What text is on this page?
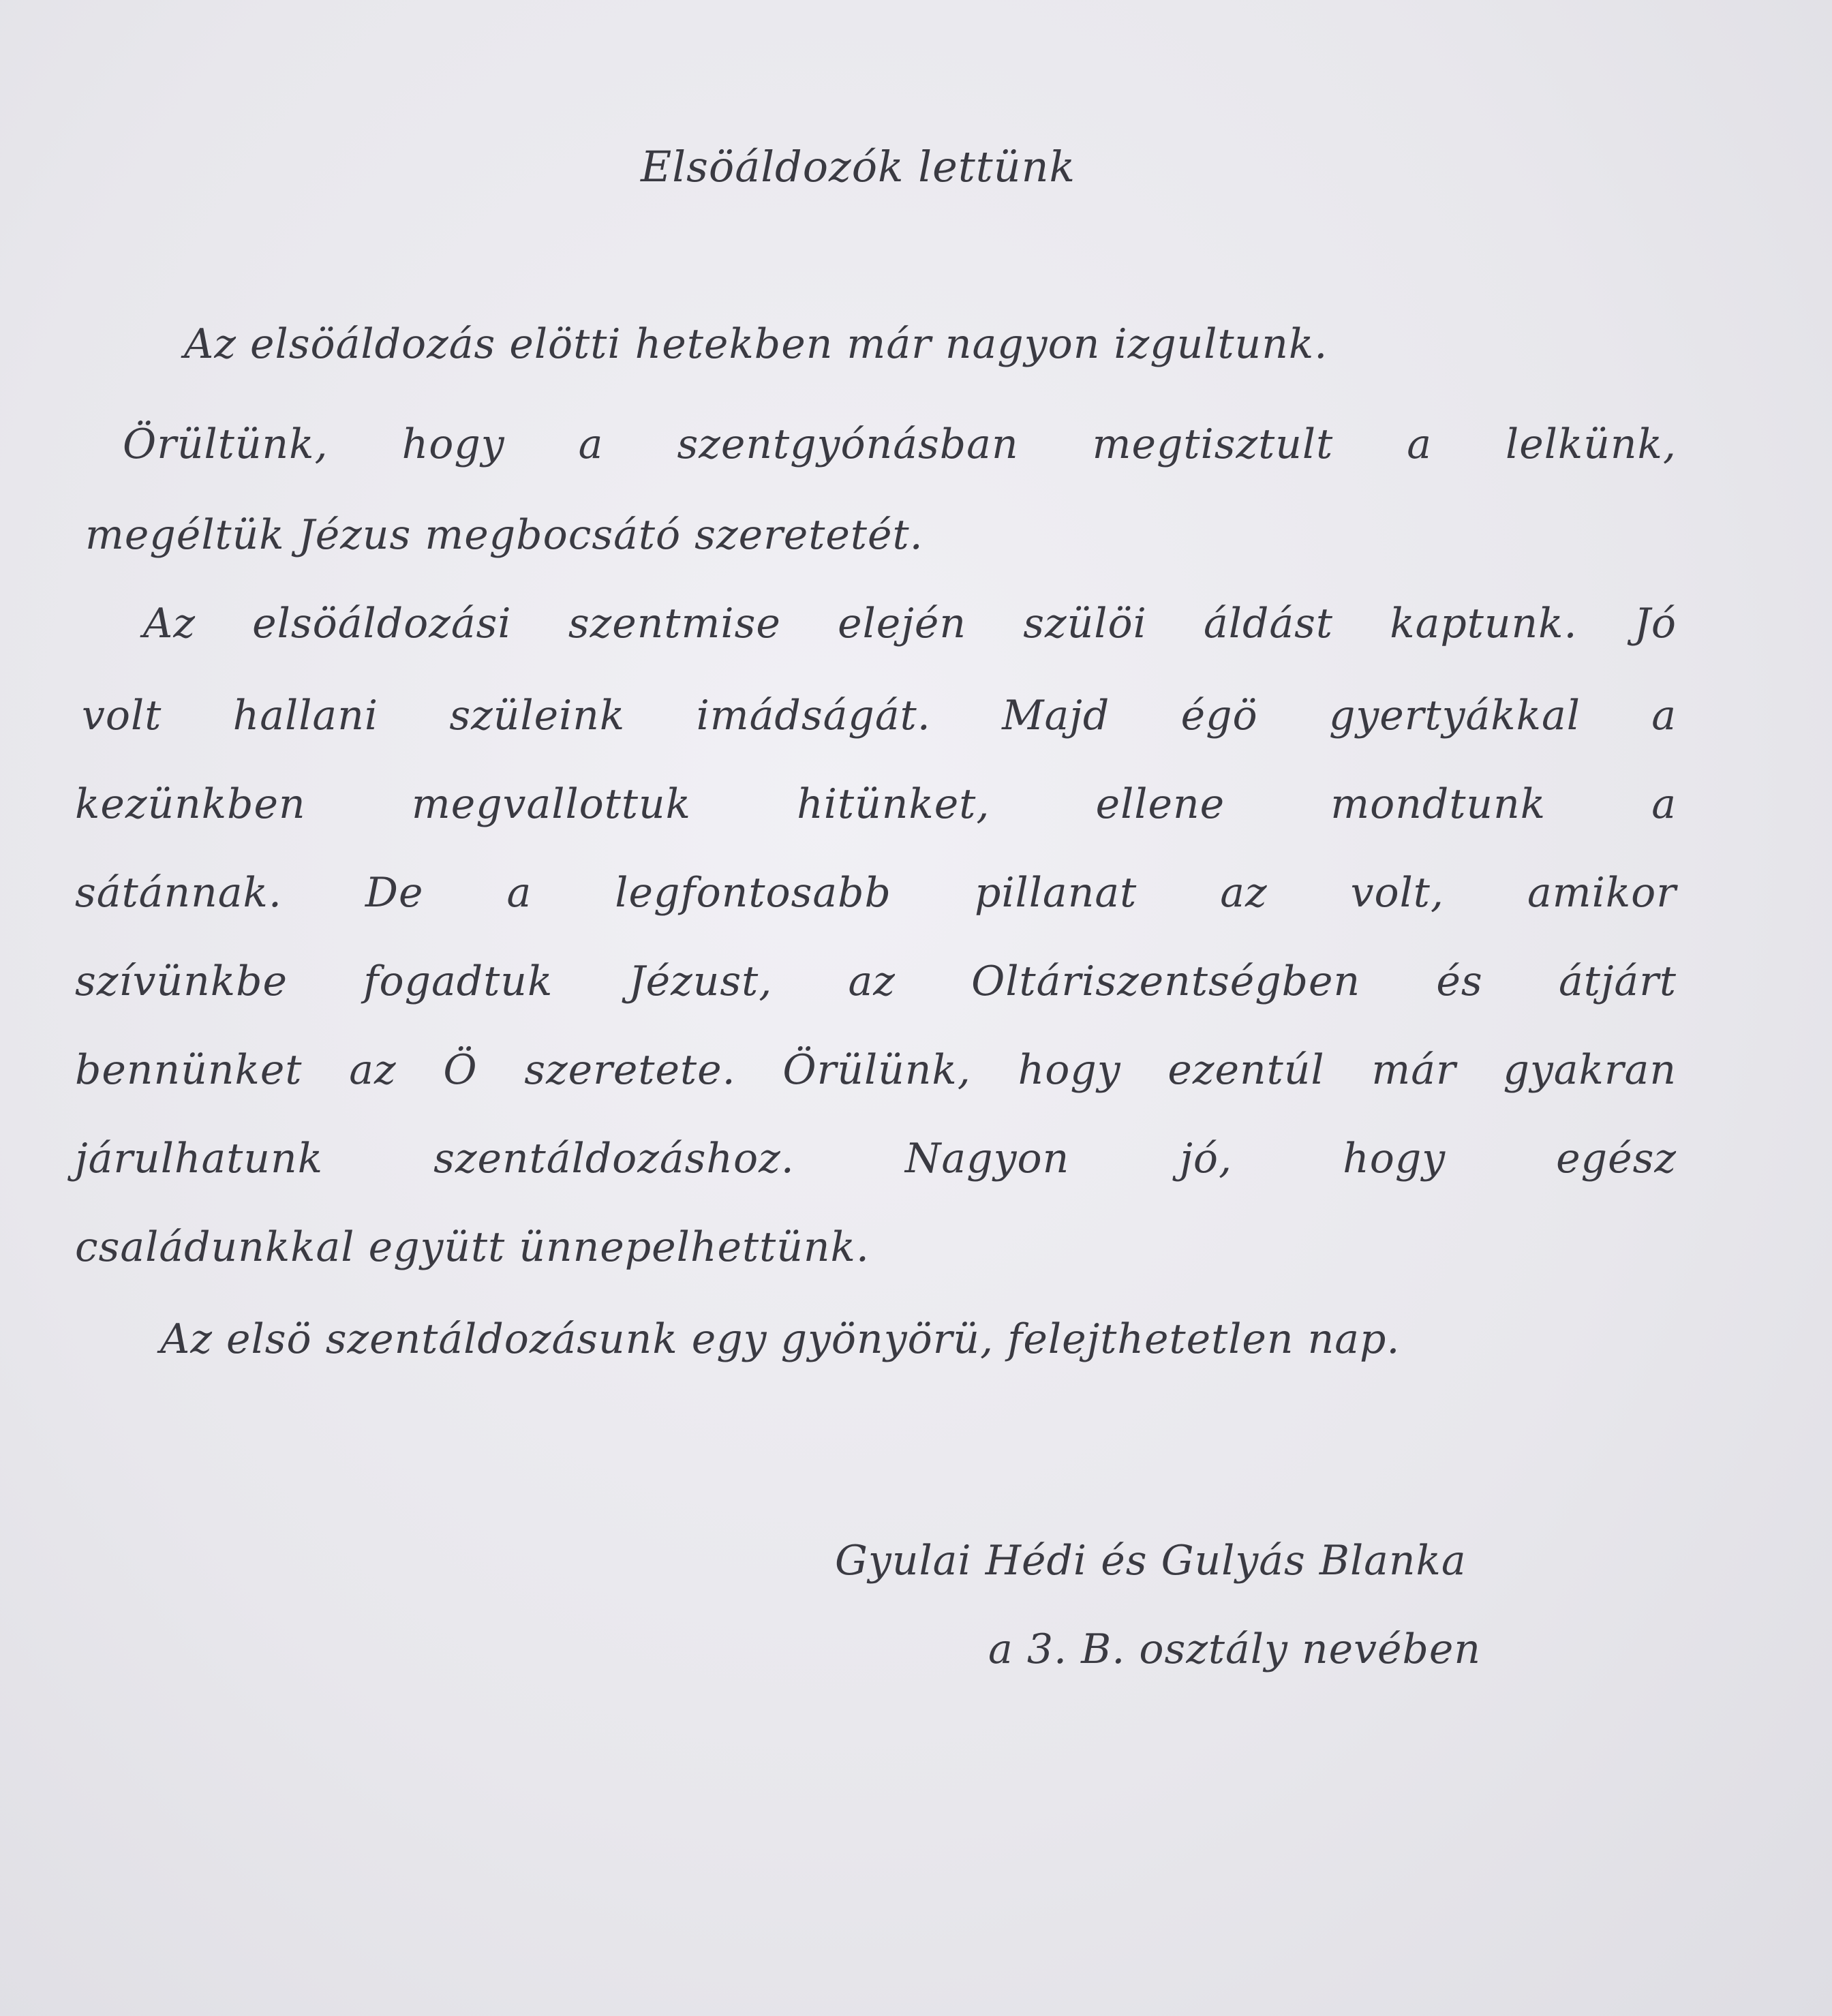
Elsöáldozók lettünk
Az elsöáldozás elötti hetekben már nagyon izgultunk.
Örültünk, hogy a szentgyónásban megtisztult a lelkünk,
megéltük Jézus megbocsátó szeretetét.
Az elsöáldozási szentmise elején szülöi áldást kaptunk. Jó
volt hallani szüleink imádságát. Majd égö gyertyákkal a
kezünkben megvallottuk hitünket, ellene mondtunk a
sátánnak. De a legfontosabb pillanat az volt, amikor
szívünkbe fogadtuk Jézust, az Oltáriszentségben és átjárt
bennünket az Ö szeretete. Örülünk, hogy ezentúl már gyakran
járulhatunk szentáldozáshoz. Nagyon jó, hogy egész
családunkkal együtt ünnepelhettünk.
Az elsö szentáldozásunk egy gyönyörü, felejthetetlen nap.
Gyulai Hédi és Gulyás Blanka
a 3. B. osztály nevében
